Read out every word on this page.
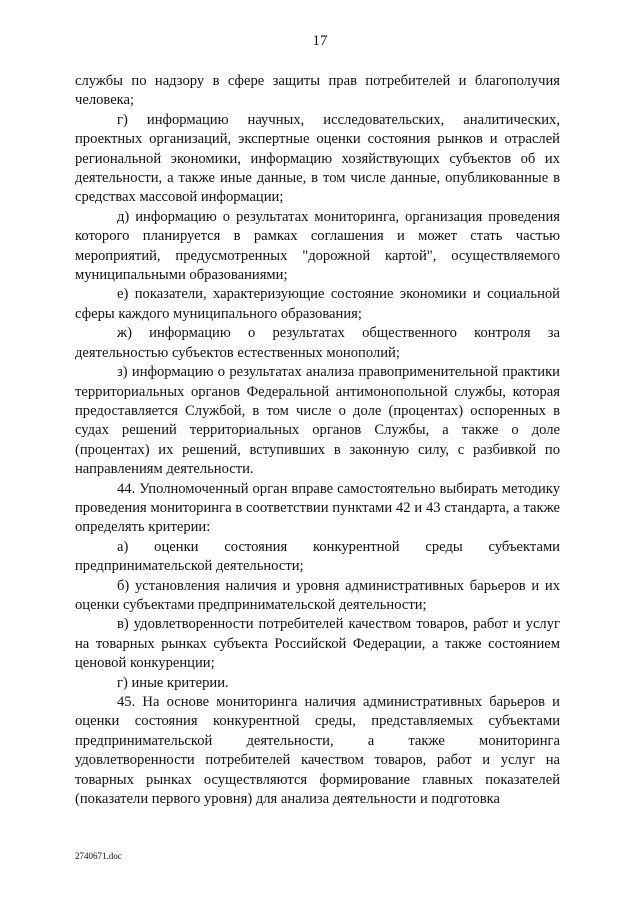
17

службы по надзору в сфере защиты прав потребителей и благополучия человека;

г) информацию научных, исследовательских, аналитических, проектных организаций, экспертные оценки состояния рынков и отраслей региональной экономики, информацию хозяйствующих субъектов об их деятельности, а также иные данные, в том числе данные, опубликованные в средствах массовой информации;

д) информацию о результатах мониторинга, организация проведения которого планируется в рамках соглашения и может стать частью мероприятий, предусмотренных "дорожной картой", осуществляемого муниципальными образованиями;

е) показатели, характеризующие состояние экономики и социальной сферы каждого муниципального образования;

ж) информацию о результатах общественного контроля за деятельностью субъектов естественных монополий;

з) информацию о результатах анализа правоприменительной практики территориальных органов Федеральной антимонопольной службы, которая предоставляется Службой, в том числе о доле (процентах) оспоренных в судах решений территориальных органов Службы, а также о доле (процентах) их решений, вступивших в законную силу, с разбивкой по направлениям деятельности.

44. Уполномоченный орган вправе самостоятельно выбирать методику проведения мониторинга в соответствии пунктами 42 и 43 стандарта, а также определять критерии:

а) оценки состояния конкурентной среды субъектами предпринимательской деятельности;

б) установления наличия и уровня административных барьеров и их оценки субъектами предпринимательской деятельности;

в) удовлетворенности потребителей качеством товаров, работ и услуг на товарных рынках субъекта Российской Федерации, а также состоянием ценовой конкуренции;

г) иные критерии.

45. На основе мониторинга наличия административных барьеров и оценки состояния конкурентной среды, представляемых субъектами предпринимательской деятельности, а также мониторинга удовлетворенности потребителей качеством товаров, работ и услуг на товарных рынках осуществляются формирование главных показателей (показатели первого уровня) для анализа деятельности и подготовка

2740671.doc
